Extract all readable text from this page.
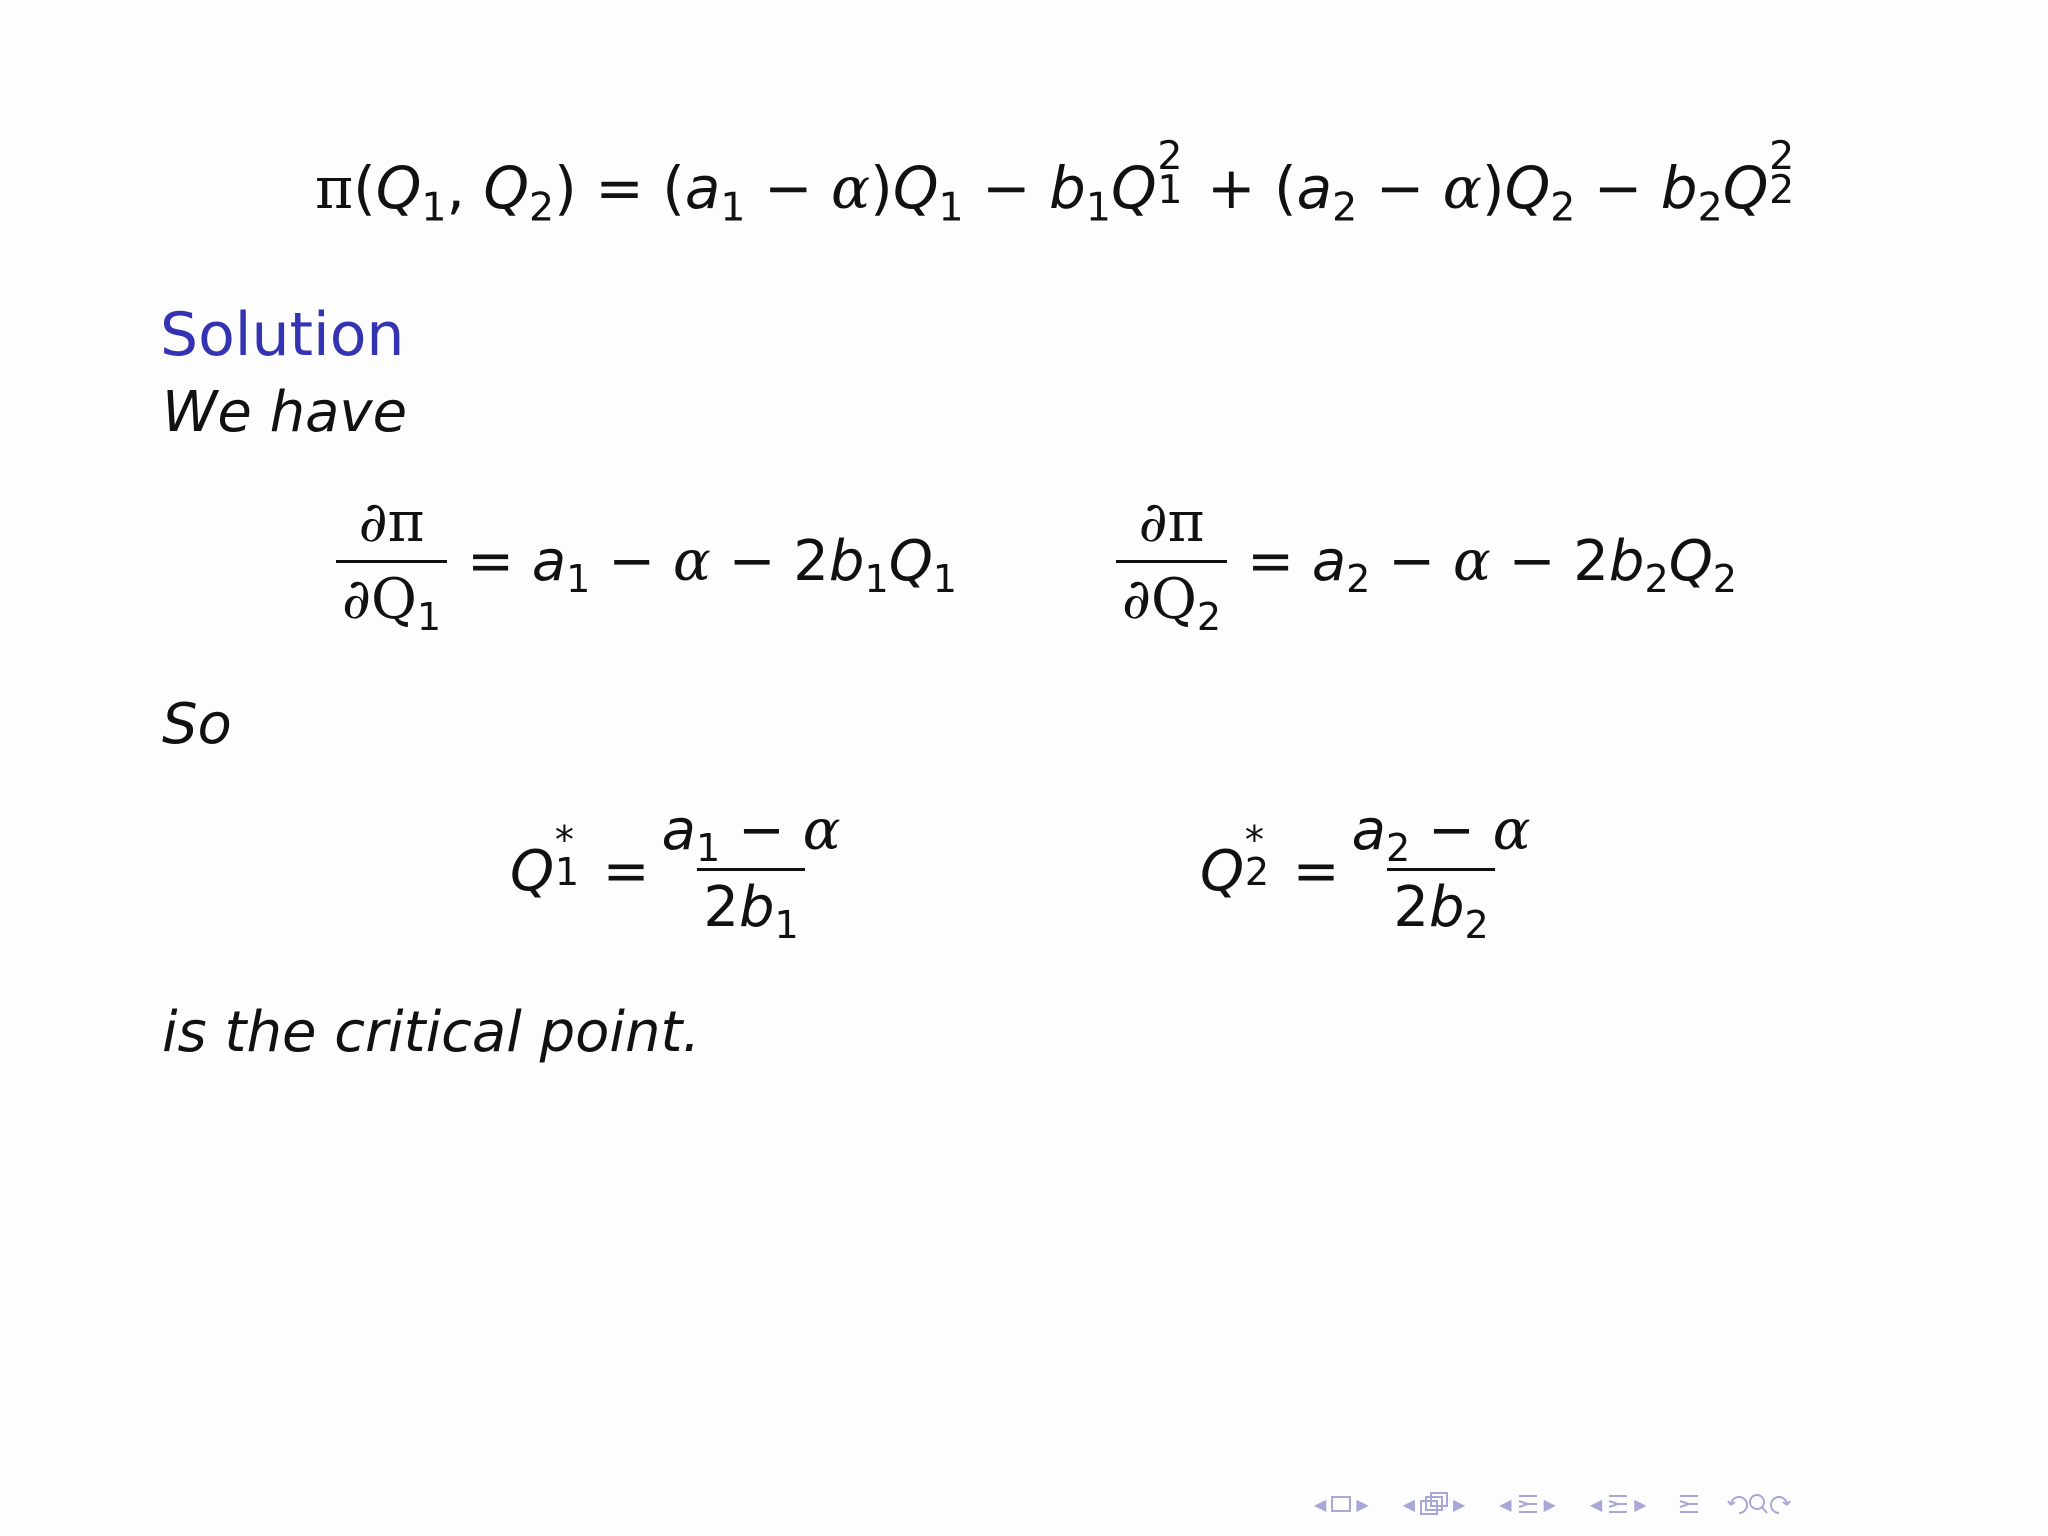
$\pi(Q_1$, $Q_2) = (a_1 - \alpha)Q_1 - b_1Q$ 2
$1 + (a_2 - \alpha)Q_2 - b_2Q$ 2
2
Solution
We have
$\frac{\partial\pi}{\partial Q_1} = a_1 - \alpha - 2b_1Q_1$	$\frac{\partial\pi}{\partial Q_2} = a_2 - \alpha - 2b_2Q_2$
So
Q *
$1 = \frac{a_1 - \alpha}{2b_1}$	Q *
$2 = \frac{a_2 - \alpha}{2b_2}$
is the critical point.
◀ ▶ ◀ ▶ ◀ ▶ ◀ ▶
